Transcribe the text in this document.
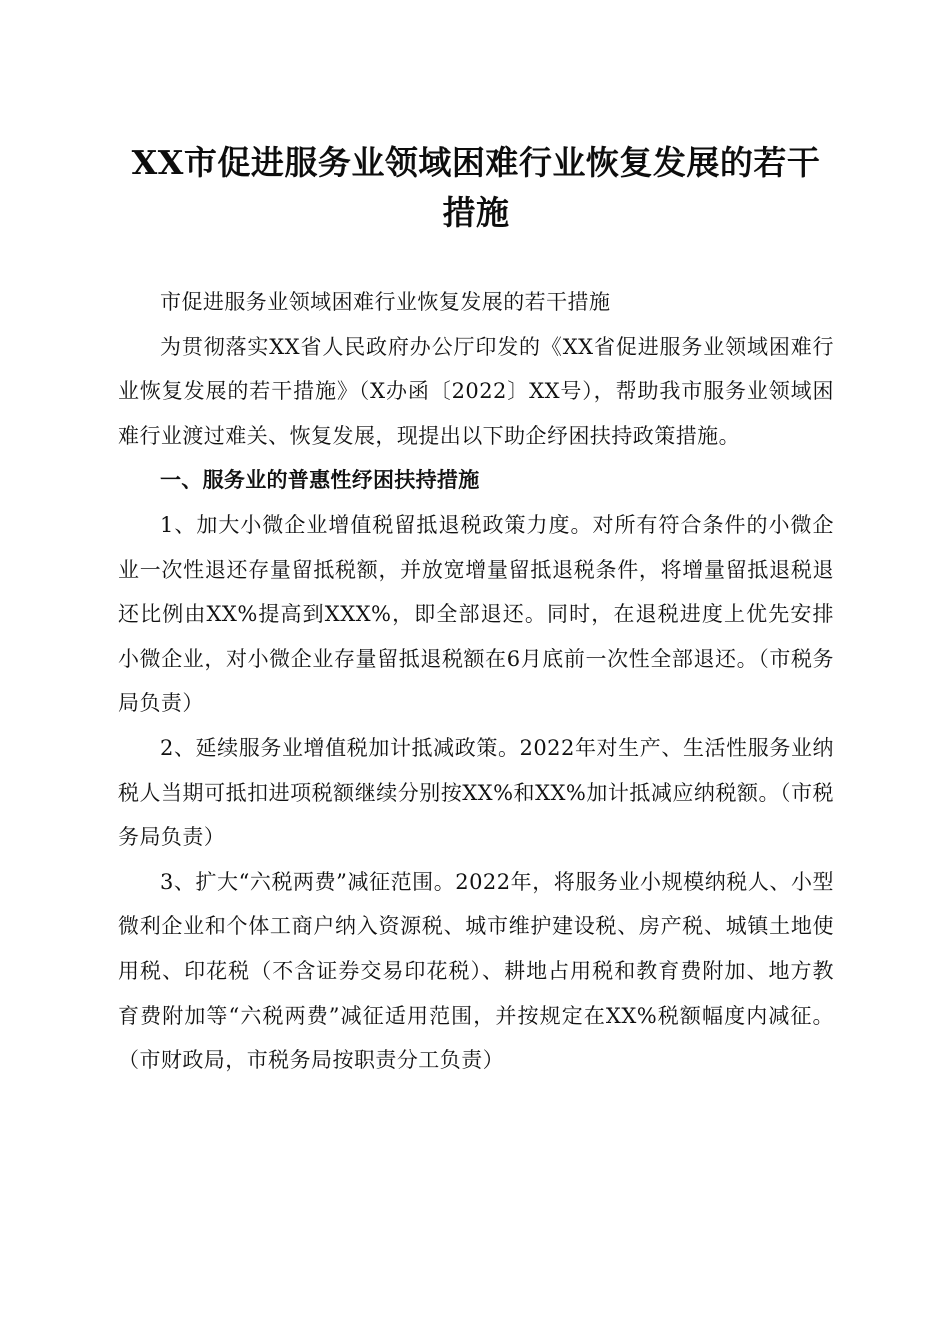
XX市促进服务业领域困难行业恢复发展的若干措施

市促进服务业领域困难行业恢复发展的若干措施

为贯彻落实XX省人民政府办公厅印发的《XX省促进服务业领域困难行业恢复发展的若干措施》（X办函〔2022〕XX号），帮助我市服务业领域困难行业渡过难关、恢复发展，现提出以下助企纾困扶持政策措施。

一、服务业的普惠性纾困扶持措施

1、加大小微企业增值税留抵退税政策力度。对所有符合条件的小微企业一次性退还存量留抵税额，并放宽增量留抵退税条件，将增量留抵退税退还比例由XX%提高到XXX%，即全部退还。同时，在退税进度上优先安排小微企业，对小微企业存量留抵退税额在6月底前一次性全部退还。（市税务局负责）

2、延续服务业增值税加计抵减政策。2022年对生产、生活性服务业纳税人当期可抵扣进项税额继续分别按XX%和XX%加计抵减应纳税额。（市税务局负责）

3、扩大“六税两费”减征范围。2022年，将服务业小规模纳税人、小型微利企业和个体工商户纳入资源税、城市维护建设税、房产税、城镇土地使用税、印花税（不含证券交易印花税）、耕地占用税和教育费附加、地方教育费附加等“六税两费”减征适用范围，并按规定在XX%税额幅度内减征。（市财政局，市税务局按职责分工负责）
